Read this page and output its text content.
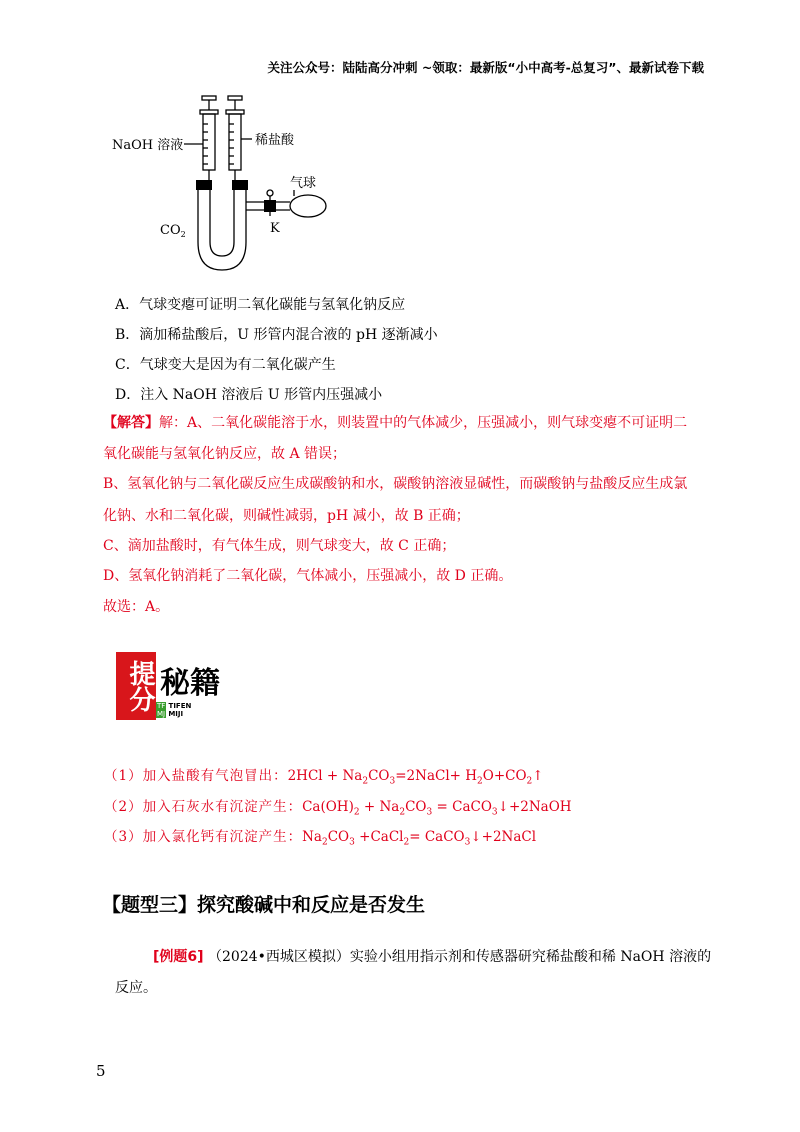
关注公众号：陆陆高分冲刺 ~领取：最新版“小中高考-总复习”、最新试卷下载
NaOH 溶液	稀盐酸
气球
$CO_2$	K
A．气球变瘪可证明二氧化碳能与氢氧化钠反应
B．滴加稀盐酸后，U 形管内混合液的 pH 逐渐减小
C．气球变大是因为有二氧化碳产生
D．注入 NaOH 溶液后 U 形管内压强减小
【解答】解：A、二氧化碳能溶于水，则装置中的气体减少，压强减小，则气球变瘪不可证明二
氧化碳能与氢氧化钠反应，故 A 错误；
B、氢氧化钠与二氧化碳反应生成碳酸钠和水，碳酸钠溶液显碱性，而碳酸钠与盐酸反应生成氯
化钠、水和二氧化碳，则碱性减弱，pH 减小，故 B 正确；
C、滴加盐酸时，有气体生成，则气球变大，故 C 正确；
D、氢氧化钠消耗了二氧化碳，气体减小，压强减小，故 D 正确。
故选：A。
提分 秘籍
TF TIFEN
MJ MIJI
（1）加入盐酸有气泡冒出：$2HCl + Na_2CO_3=2NaCl+$ $H_2O+CO_2↑$
（2）加入石灰水有沉淀产生：$Ca(OH)_2 + Na_2CO_3$ = CaCO$_3$↓+2NaOH
（3）加入氯化钙有沉淀产生：$Na_2CO_3$ +CaCl$_2$= CaCO$_3$↓+2NaCl
【题型三】探究酸碱中和反应是否发生
[例题6] （2024•西城区模拟）实验小组用指示剂和传感器研究稀盐酸和稀 NaOH 溶液的
反应。
5
